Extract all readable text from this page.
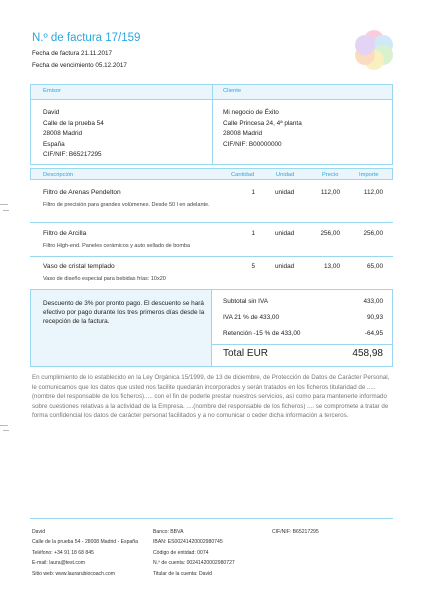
N.º de factura 17/159
Fecha de factura 21.11.2017
Fecha de vencimiento 05.12.2017
Emisor	Cliente
David
Calle de la prueba 54
28008 Madrid
España
CIF/NIF: B65217295
Mi negocio de Éxito
Calle Princesa 24, 4ª planta
28008 Madrid
CIF/NIF: B00000000
Descripción	Cantidad	Unidad	Precio	Importe
Filtro de Arenas Pendelton
Filtro de precisión para grandes volúmenes. Desde 50 l en adelante.
1	unidad	112,00	112,00
Filtro de Arcilla
Filtro High-end. Paneles cerámicos y auto sellado de bomba
1	unidad	256,00	256,00
Vaso de cristal templado
Vaso de diseño especial para bebidas frías: 10x20
5	unidad	13,00	65,00
Descuento de 3% por pronto pago. El descuento se hará efectivo por pago durante los tres primeros días desde la recepción de la factura.
Subtotal sin IVA	433,00
IVA 21 % de 433,00	90,93
Retención -15 % de 433,00	-64,95
Total EUR	458,98
En cumplimiento de lo establecido en la Ley Orgánica 15/1999, de 13 de diciembre, de Protección de Datos de Carácter Personal, le comunicamos que los datos que usted nos facilite quedarán incorporados y serán tratados en los ficheros titularidad de .....(nombre del responsable de los ficheros)..... con el fin de poderle prestar nuestros servicios, así como para mantenerle informado sobre cuestiones relativas a la actividad de la Empresa. ....(nombre del responsable de los ficheros) .... se compromete a tratar de forma confidencial los datos de carácter personal facilitados y a no comunicar o ceder dicha información a terceros.
David
Calle de la prueba 54 - 28008 Madrid - España
Teléfono: +34 91 18 68 845
E-mail: laura@test.com
Sitio web: www.laurarubiocoach.com
Banco: BBVA
IBAN: ES0024142000298074​5
Código de entidad: 0074
N.º de cuenta: 00241420002980727
Titular de la cuenta: David
CIF/NIF: B65217295
